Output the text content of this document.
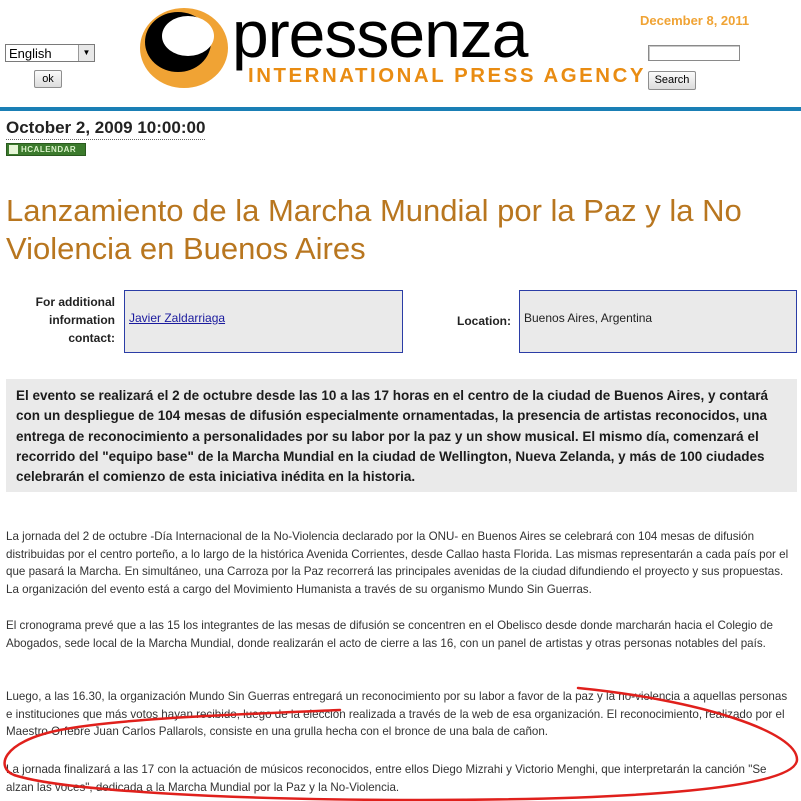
English	▼
ok
pressenza
INTERNATIONAL PRESS AGENCY
December 8, 2011
Search
October 2, 2009 10:00:00
HCALENDAR
Lanzamiento de la Marcha Mundial por la Paz y la No Violencia en Buenos Aires
For additional information contact:
Javier Zaldarriaga	Location:	Buenos Aires, Argentina
El evento se realizará el 2 de octubre desde las 10 a las 17 horas en el centro de la ciudad de Buenos Aires, y contará con un despliegue de 104 mesas de difusión especialmente ornamentadas, la presencia de artistas reconocidos, una entrega de reconocimiento a personalidades por su labor por la paz y un show musical. El mismo día, comenzará el recorrido del "equipo base" de la Marcha Mundial en la ciudad de Wellington, Nueva Zelanda, y más de 100 ciudades celebrarán el comienzo de esta iniciativa inédita en la historia.
La jornada del 2 de octubre -Día Internacional de la No-Violencia declarado por la ONU- en Buenos Aires se celebrará con 104 mesas de difusión distribuidas por el centro porteño, a lo largo de la histórica Avenida Corrientes, desde Callao hasta Florida. Las mismas representarán a cada país por el que pasará la Marcha. En simultáneo, una Carroza por la Paz recorrerá las principales avenidas de la ciudad difundiendo el proyecto y sus propuestas. La organización del evento está a cargo del Movimiento Humanista a través de su organismo Mundo Sin Guerras.
El cronograma prevé que a las 15 los integrantes de las mesas de difusión se concentren en el Obelisco desde donde marcharán hacia el Colegio de Abogados, sede local de la Marcha Mundial, donde realizarán el acto de cierre a las 16, con un panel de artistas y otras personas notables del país.
Luego, a las 16.30, la organización Mundo Sin Guerras entregará un reconocimiento por su labor a favor de la paz y la no-violencia a aquellas personas e instituciones que más votos hayan recibido, luego de la elección realizada a través de la web de esa organización. El reconocimiento, realizado por el Maestro Orfebre Juan Carlos Pallarols, consiste en una grulla hecha con el bronce de una bala de cañon.
La jornada finalizará a las 17 con la actuación de músicos reconocidos, entre ellos Diego Mizrahi y Victorio Menghi, que interpretarán la canción "Se alzan las voces", dedicada a la Marcha Mundial por la Paz y la No-Violencia.
